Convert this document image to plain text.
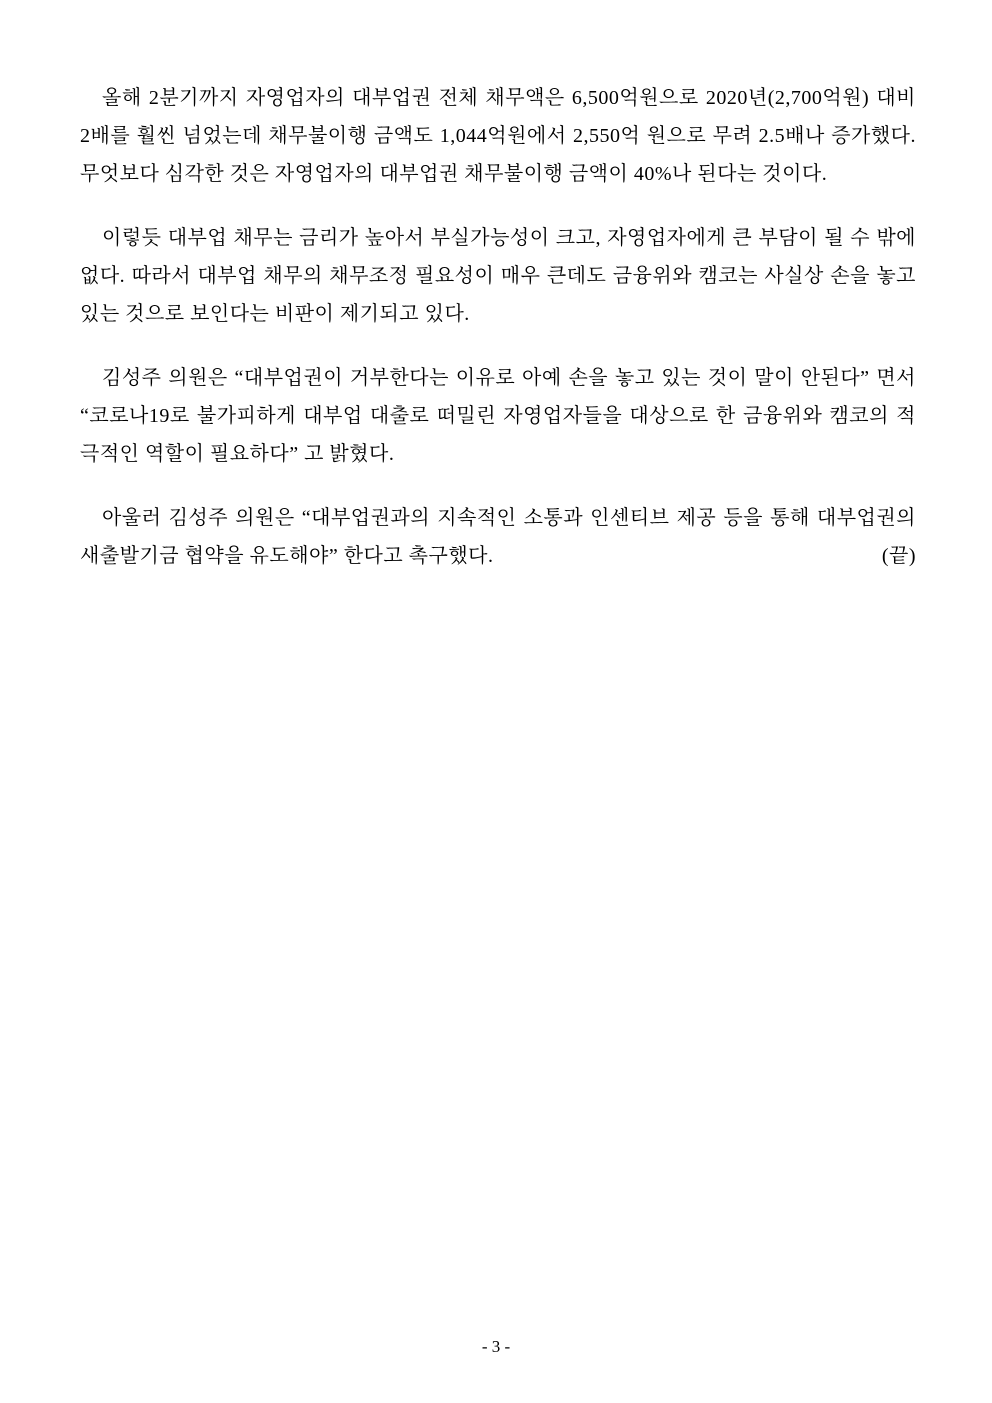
올해 2분기까지 자영업자의 대부업권 전체 채무액은 6,500억원으로 2020년(2,700억원) 대비 2배를 훨씬 넘었는데 채무불이행 금액도 1,044억원에서 2,550억 원으로 무려 2.5배나 증가했다. 무엇보다 심각한 것은 자영업자의 대부업권 채무불이행 금액이 40%나 된다는 것이다.

이렇듯 대부업 채무는 금리가 높아서 부실가능성이 크고, 자영업자에게 큰 부담이 될 수 밖에 없다. 따라서 대부업 채무의 채무조정 필요성이 매우 큰데도 금융위와 캠코는 사실상 손을 놓고 있는 것으로 보인다는 비판이 제기되고 있다.

김성주 의원은 “대부업권이 거부한다는 이유로 아예 손을 놓고 있는 것이 말이 안된다” 면서 “코로나19로 불가피하게 대부업 대출로 떠밀린 자영업자들을 대상으로 한 금융위와 캠코의 적극적인 역할이 필요하다” 고 밝혔다.

아울러 김성주 의원은 “대부업권과의 지속적인 소통과 인센티브 제공 등을 통해 대부업권의 새출발기금 협약을 유도해야” 한다고 촉구했다.	(끝)

- 3 -
